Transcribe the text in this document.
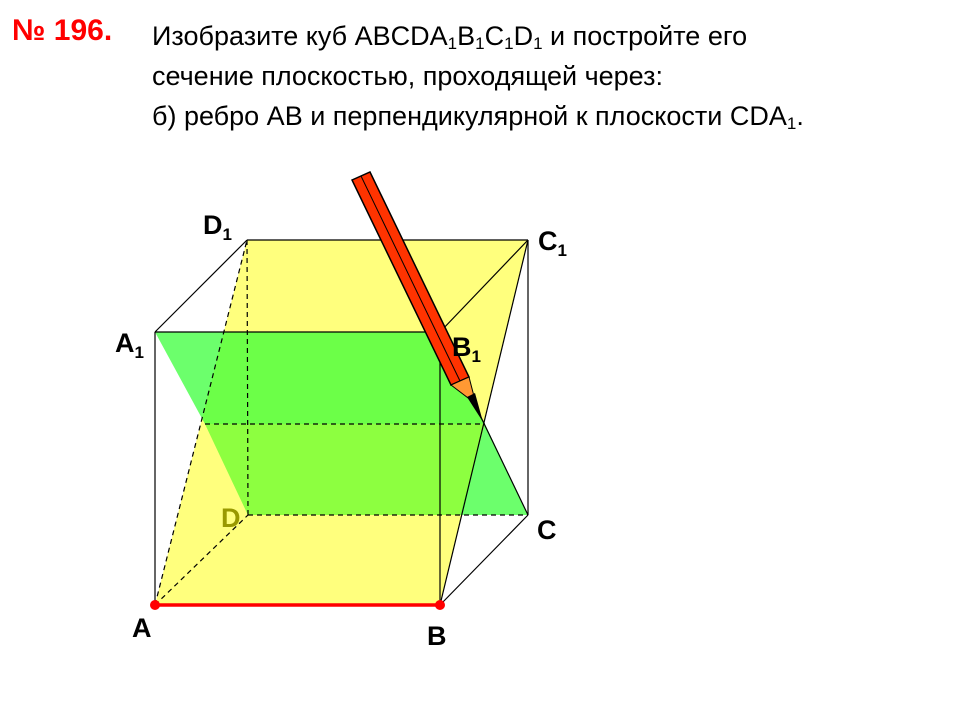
№ 196. Изобразите куб $ABCDA_1B_1C_1D_1$ и постройте его
сечение плоскостью, проходящей через:
б) ребро AB и перпендикулярной к плоскости $CDA_1$.
A	B
C
D
$A_1$	$B_1$
$C_1$
$D_1$
